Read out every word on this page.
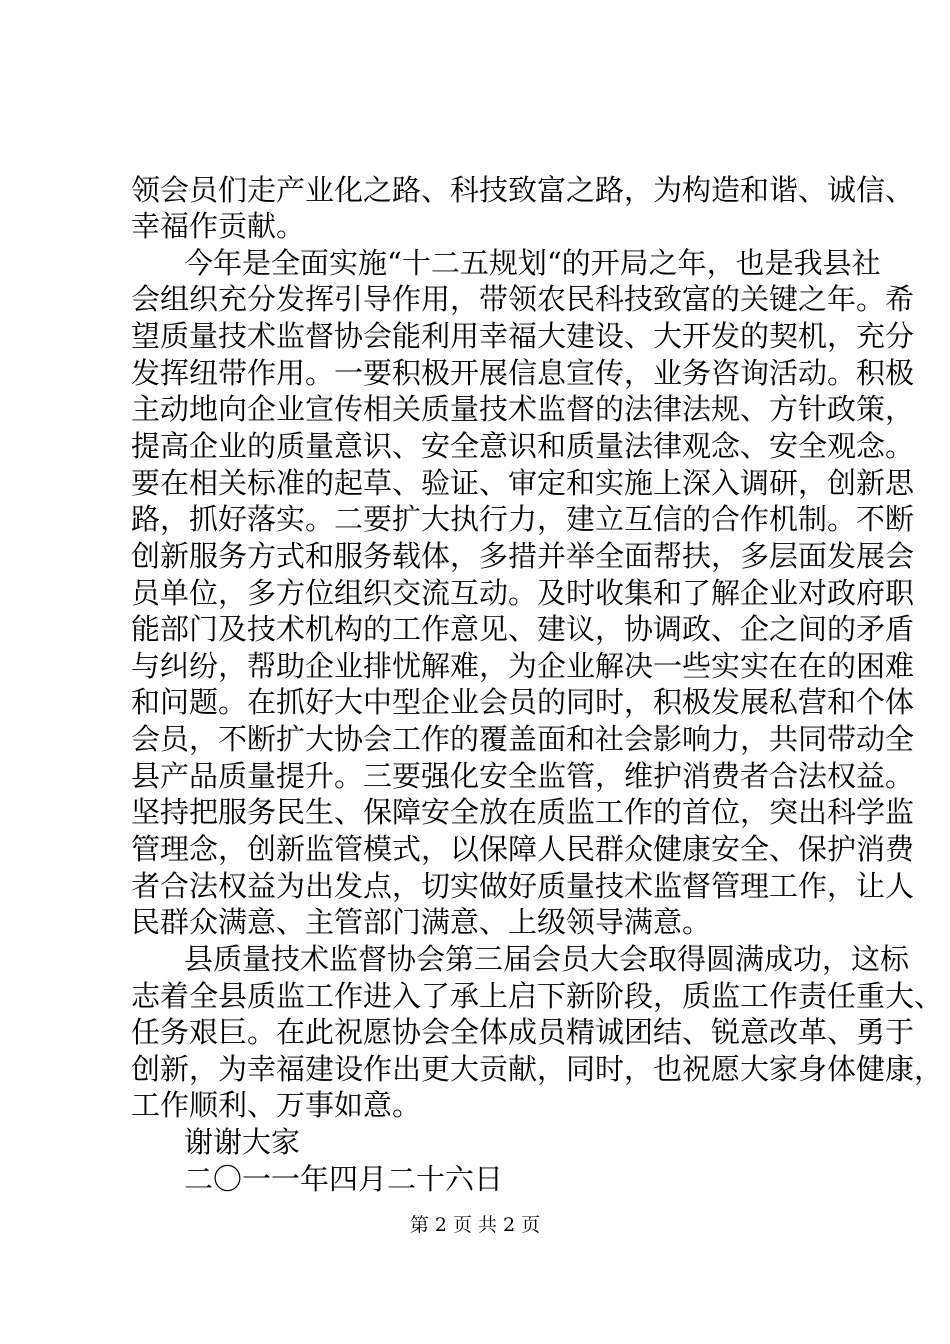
领会员们走产业化之路、科技致富之路，为构造和谐、诚信、
幸福作贡献。
今年是全面实施“十二五规划“的开局之年，也是我县社
会组织充分发挥引导作用，带领农民科技致富的关键之年。希
望质量技术监督协会能利用幸福大建设、大开发的契机，充分
发挥纽带作用。一要积极开展信息宣传，业务咨询活动。积极
主动地向企业宣传相关质量技术监督的法律法规、方针政策，
提高企业的质量意识、安全意识和质量法律观念、安全观念。
要在相关标准的起草、验证、审定和实施上深入调研，创新思
路，抓好落实。二要扩大执行力，建立互信的合作机制。不断
创新服务方式和服务载体，多措并举全面帮扶，多层面发展会
员单位，多方位组织交流互动。及时收集和了解企业对政府职
能部门及技术机构的工作意见、建议，协调政、企之间的矛盾
与纠纷，帮助企业排忧解难，为企业解决一些实实在在的困难
和问题。在抓好大中型企业会员的同时，积极发展私营和个体
会员，不断扩大协会工作的覆盖面和社会影响力，共同带动全
县产品质量提升。三要强化安全监管，维护消费者合法权益。
坚持把服务民生、保障安全放在质监工作的首位，突出科学监
管理念，创新监管模式，以保障人民群众健康安全、保护消费
者合法权益为出发点，切实做好质量技术监督管理工作，让人
民群众满意、主管部门满意、上级领导满意。
县质量技术监督协会第三届会员大会取得圆满成功，这标
志着全县质监工作进入了承上启下新阶段，质监工作责任重大、
任务艰巨。在此祝愿协会全体成员精诚团结、锐意改革、勇于
创新，为幸福建设作出更大贡献，同时，也祝愿大家身体健康，
工作顺利、万事如意。
谢谢大家
二〇一一年四月二十六日
第 2 页 共 2 页
